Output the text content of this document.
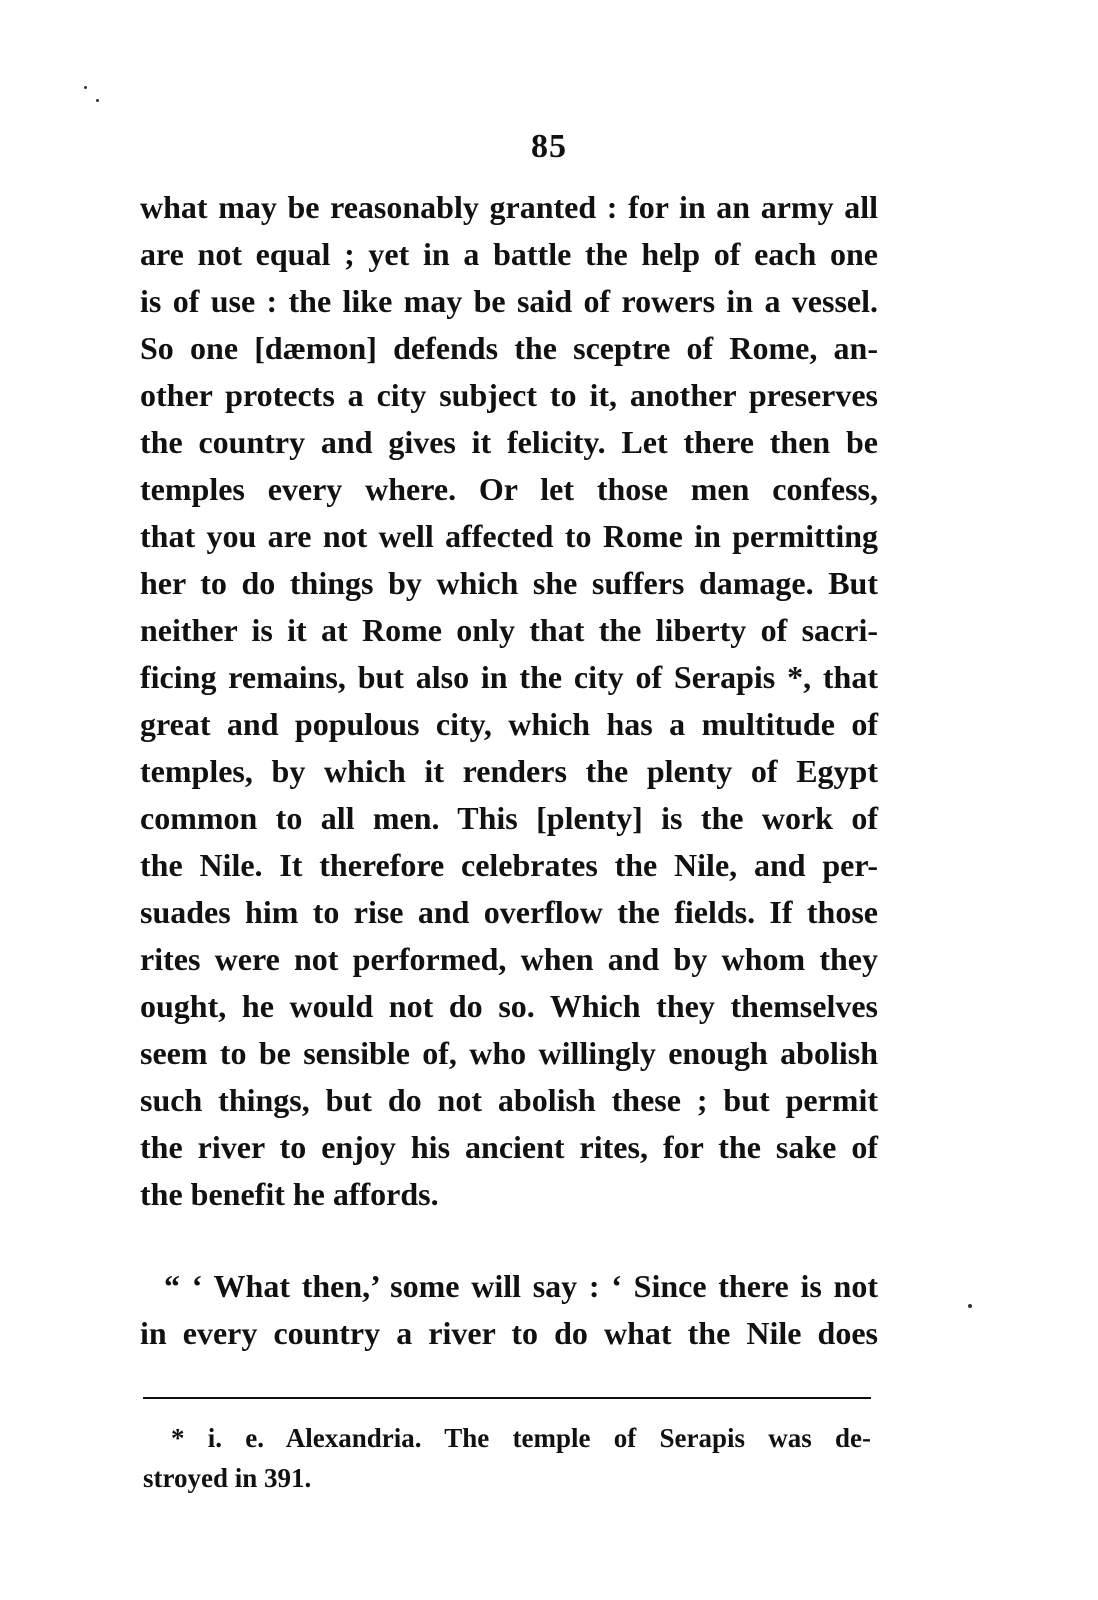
85
what may be reasonably granted : for in an army all
are not equal ; yet in a battle the help of each one
is of use : the like may be said of rowers in a vessel.
So one [dæmon] defends the sceptre of Rome, an-
other protects a city subject to it, another preserves
the country and gives it felicity. Let there then be
temples every where. Or let those men confess,
that you are not well affected to Rome in permitting
her to do things by which she suffers damage. But
neither is it at Rome only that the liberty of sacri-
ficing remains, but also in the city of Serapis *, that
great and populous city, which has a multitude of
temples, by which it renders the plenty of Egypt
common to all men. This [plenty] is the work of
the Nile. It therefore celebrates the Nile, and per-
suades him to rise and overflow the fields. If those
rites were not performed, when and by whom they
ought, he would not do so. Which they themselves
seem to be sensible of, who willingly enough abolish
such things, but do not abolish these ; but permit
the river to enjoy his ancient rites, for the sake of
the benefit he affords.
“ ‘ What then,’ some will say : ‘ Since there is not
in every country a river to do what the Nile does
* i. e. Alexandria. The temple of Serapis was de-
stroyed in 391.
